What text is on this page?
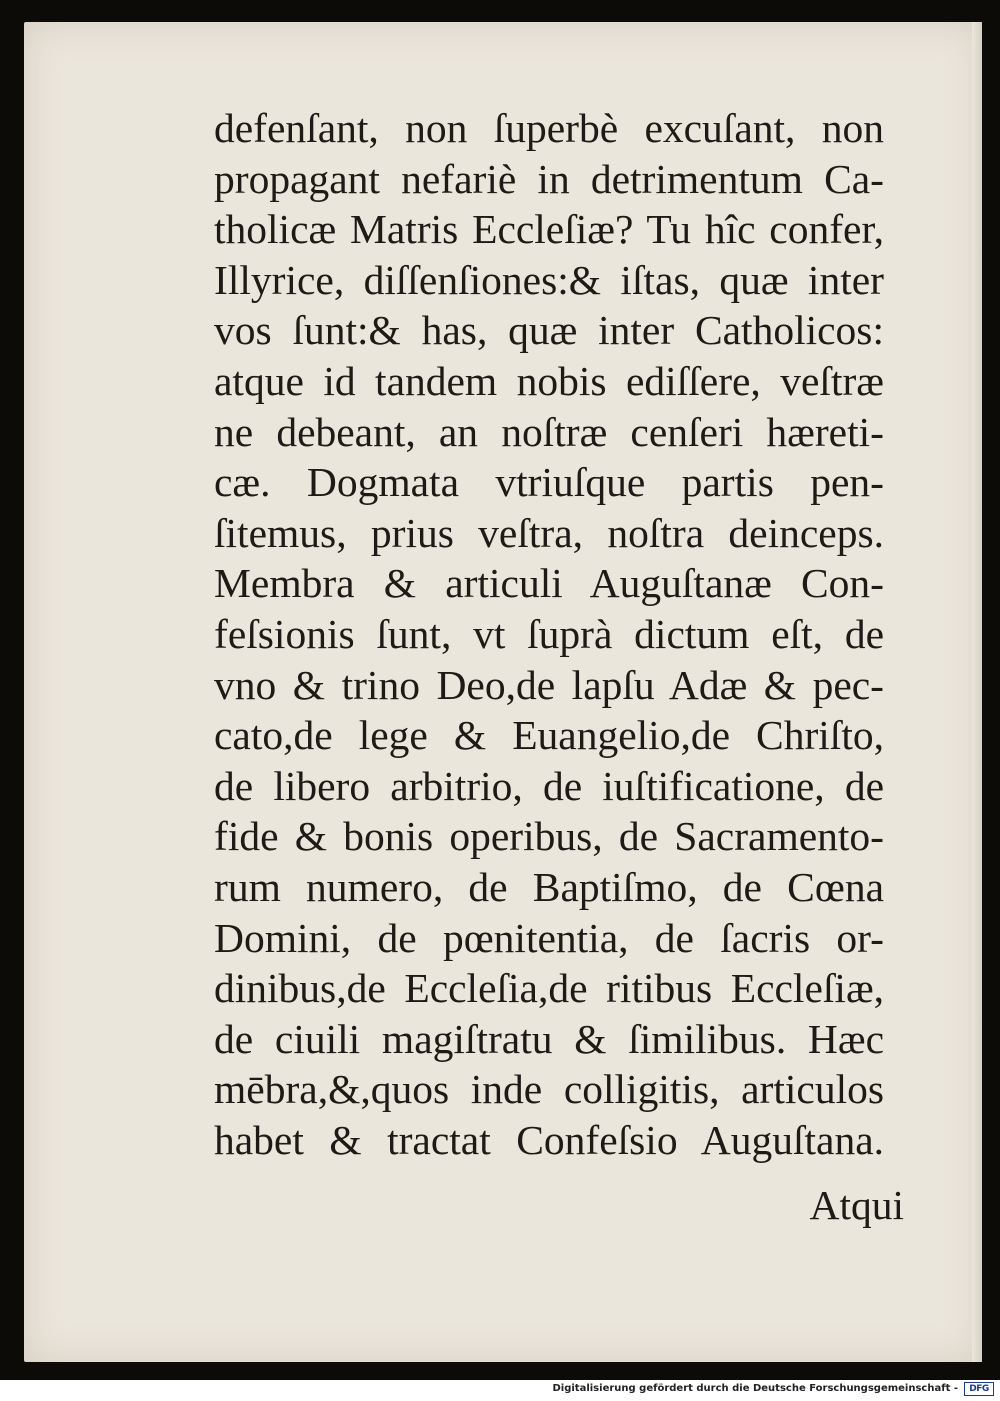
defenſant, non ſuperbè excuſant, non
propagant nefariè in detrimentum Ca-
tholicæ Matris Eccleſiæ? Tu hîc confer,
Illyrice, diſſenſiones:& iſtas, quæ inter
vos ſunt:& has, quæ inter Catholicos:
atque id tandem nobis ediſſere, veſtræ
ne debeant, an noſtræ cenſeri hæreti-
cæ. Dogmata vtriuſque partis pen-
ſitemus, prius veſtra, noſtra deinceps.
Membra & articuli Auguſtanæ Con-
feſsionis ſunt, vt ſuprà dictum eſt, de
vno & trino Deo,de lapſu Adæ & pec-
cato,de lege & Euangelio,de Chriſto,
de libero arbitrio, de iuſtificatione, de
fide & bonis operibus, de Sacramento-
rum numero, de Baptiſmo, de Cœna
Domini, de pœnitentia, de ſacris or-
dinibus,de Eccleſia,de ritibus Eccleſiæ,
de ciuili magiſtratu & ſimilibus. Hæc
mēbra,&,quos inde colligitis, articulos
habet & tractat Confeſsio Auguſtana.
Atqui
Digitalisierung gefördert durch die Deutsche Forschungsgemeinschaft -	DFG
